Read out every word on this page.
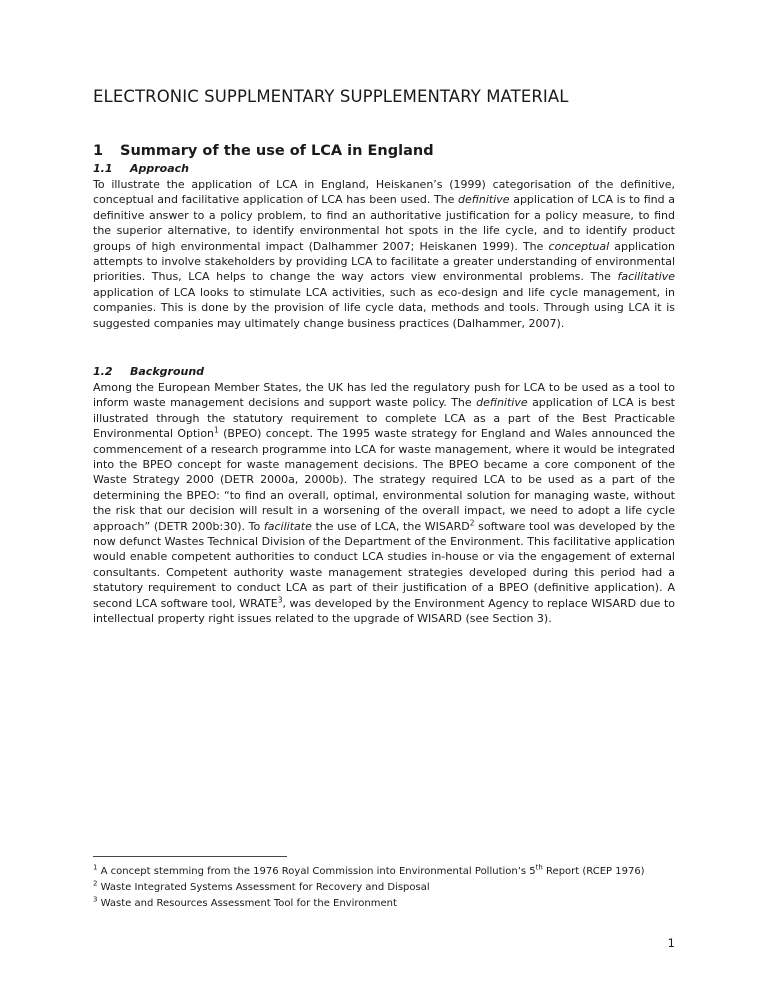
ELECTRONIC SUPPLMENTARY SUPPLEMENTARY MATERIAL
1 Summary of the use of LCA in England
1.1 Approach

To illustrate the application of LCA in England, Heiskanen’s (1999) categorisation of the definitive, conceptual and facilitative application of LCA has been used. The definitive application of LCA is to find a definitive answer to a policy problem, to find an authoritative justification for a policy measure, to find the superior alternative, to identify environmental hot spots in the life cycle, and to identify product groups of high environmental impact (Dalhammer 2007; Heiskanen 1999). The conceptual application attempts to involve stakeholders by providing LCA to facilitate a greater understanding of environmental priorities. Thus, LCA helps to change the way actors view environmental problems. The facilitative application of LCA looks to stimulate LCA activities, such as eco-design and life cycle management, in companies. This is done by the provision of life cycle data, methods and tools. Through using LCA it is suggested companies may ultimately change business practices (Dalhammer, 2007).

1.2 Background

Among the European Member States, the UK has led the regulatory push for LCA to be used as a tool to inform waste management decisions and support waste policy. The definitive application of LCA is best illustrated through the statutory requirement to complete LCA as a part of the Best Practicable Environmental Option$^1$ (BPEO) concept. The 1995 waste strategy for England and Wales announced the commencement of a research programme into LCA for waste management, where it would be integrated into the BPEO concept for waste management decisions. The BPEO became a core component of the Waste Strategy 2000 (DETR 2000a, 2000b). The strategy required LCA to be used as a part of the determining the BPEO: “to find an overall, optimal, environmental solution for managing waste, without the risk that our decision will result in a worsening of the overall impact, we need to adopt a life cycle approach” (DETR 200b:30). To facilitate the use of LCA, the WISARD$^2$ software tool was developed by the now defunct Wastes Technical Division of the Department of the Environment. This facilitative application would enable competent authorities to conduct LCA studies in-house or via the engagement of external consultants. Competent authority waste management strategies developed during this period had a statutory requirement to conduct LCA as part of their justification of a BPEO (definitive application). A second LCA software tool, WRATE$^3$, was developed by the Environment Agency to replace WISARD due to intellectual property right issues related to the upgrade of WISARD (see Section 3).

$^1$ A concept stemming from the 1976 Royal Commission into Environmental Pollution’s 5th Report (RCEP 1976)

$^2$ Waste Integrated Systems Assessment for Recovery and Disposal

$^3$ Waste and Resources Assessment Tool for the Environment

1
